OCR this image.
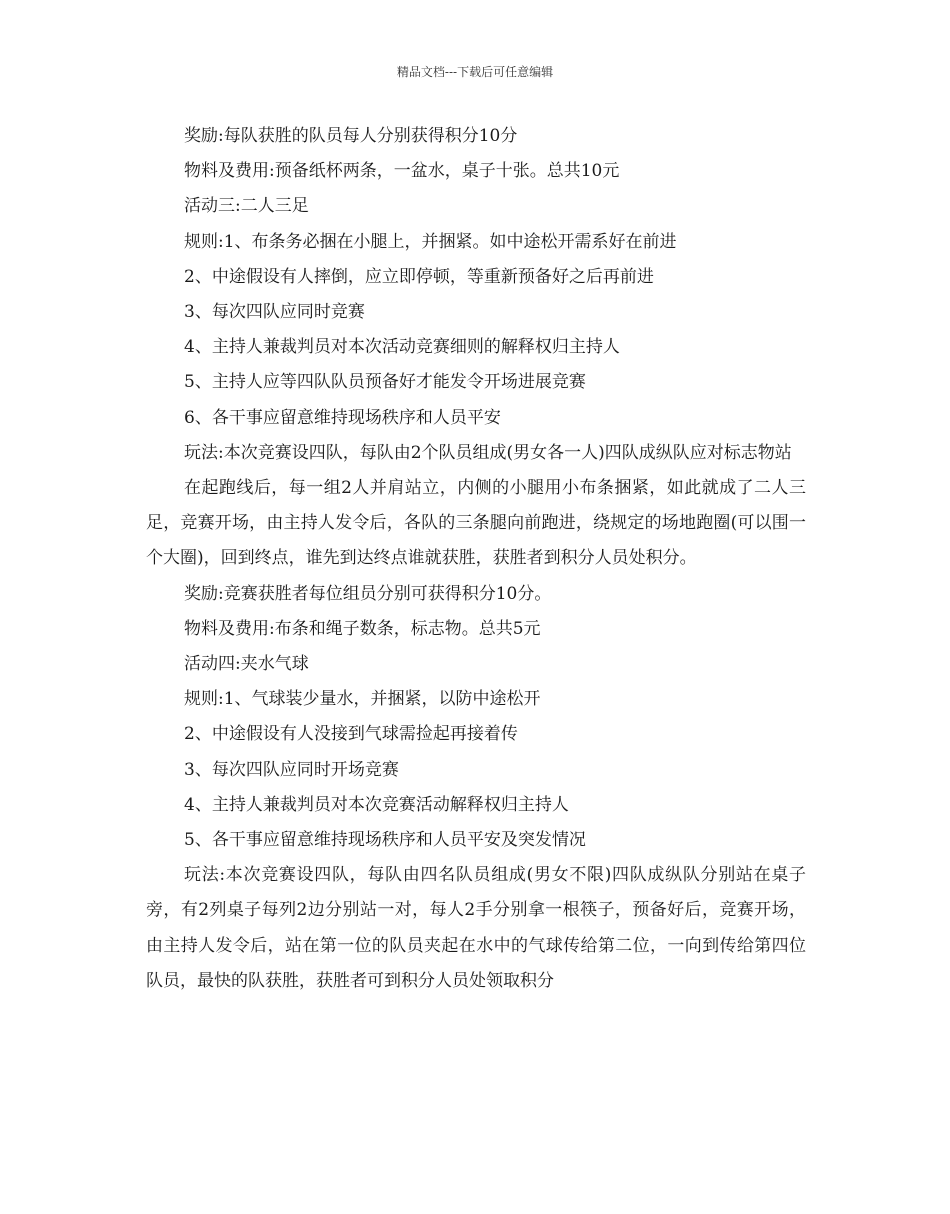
精品文档---下载后可任意编辑

奖励:每队获胜的队员每人分别获得积分10分

物料及费用:预备纸杯两条，一盆水，桌子十张。总共10元

活动三:二人三足

规则:1、布条务必捆在小腿上，并捆紧。如中途松开需系好在前进

2、中途假设有人摔倒，应立即停顿，等重新预备好之后再前进

3、每次四队应同时竞赛

4、主持人兼裁判员对本次活动竞赛细则的解释权归主持人

5、主持人应等四队队员预备好才能发令开场进展竞赛

6、各干事应留意维持现场秩序和人员平安

玩法:本次竞赛设四队，每队由2个队员组成(男女各一人)四队成纵队应对标志物站

在起跑线后，每一组2人并肩站立，内侧的小腿用小布条捆紧，如此就成了二人三足，竞赛开场，由主持人发令后，各队的三条腿向前跑进，绕规定的场地跑圈(可以围一个大圈)，回到终点，谁先到达终点谁就获胜，获胜者到积分人员处积分。

奖励:竞赛获胜者每位组员分别可获得积分10分。

物料及费用:布条和绳子数条，标志物。总共5元

活动四:夹水气球

规则:1、气球装少量水，并捆紧，以防中途松开

2、中途假设有人没接到气球需捡起再接着传

3、每次四队应同时开场竞赛

4、主持人兼裁判员对本次竞赛活动解释权归主持人

5、各干事应留意维持现场秩序和人员平安及突发情况

玩法:本次竞赛设四队，每队由四名队员组成(男女不限)四队成纵队分别站在桌子旁，有2列桌子每列2边分别站一对，每人2手分别拿一根筷子，预备好后，竞赛开场，由主持人发令后，站在第一位的队员夹起在水中的气球传给第二位，一向到传给第四位队员，最快的队获胜，获胜者可到积分人员处领取积分
